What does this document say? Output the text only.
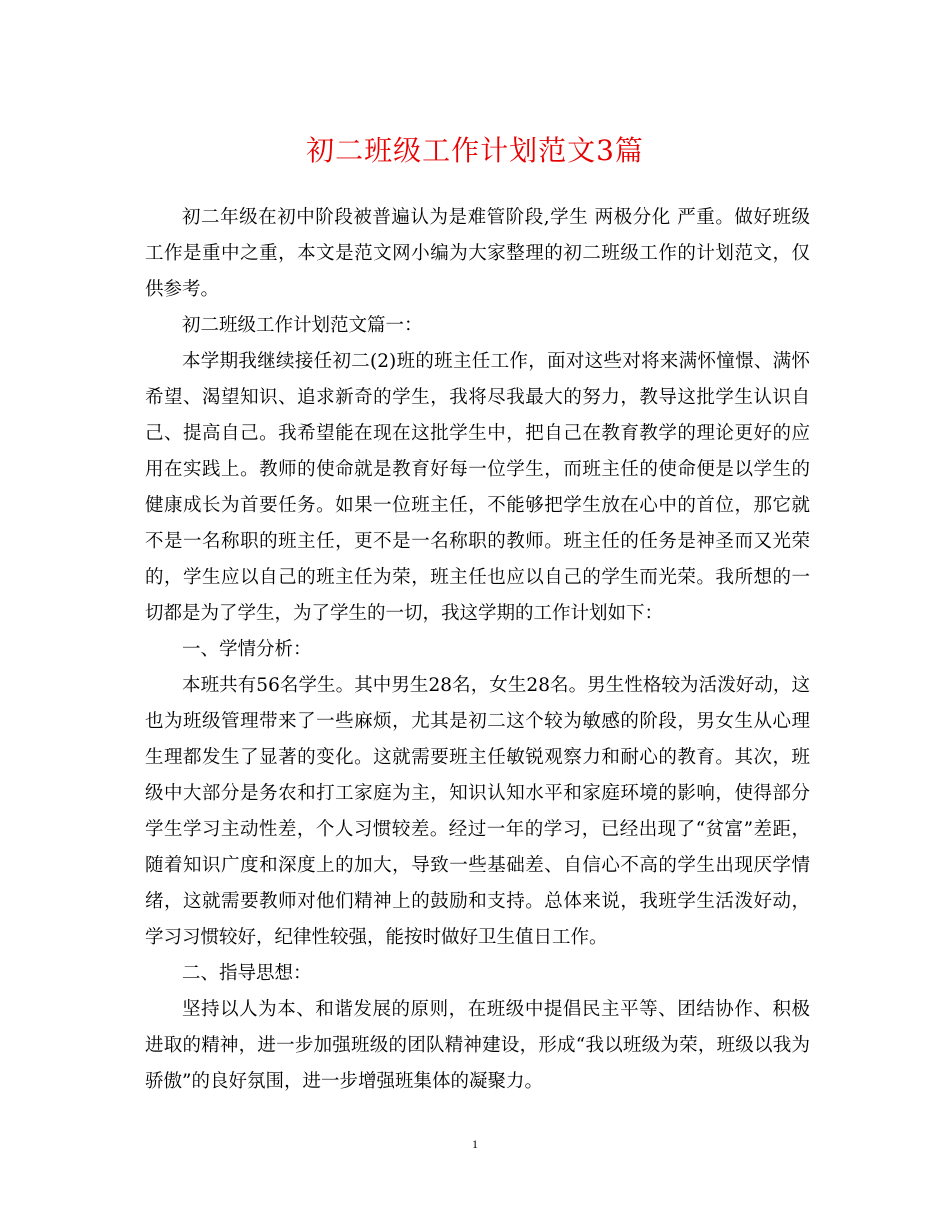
初二班级工作计划范文3篇

初二年级在初中阶段被普遍认为是难管阶段,学生 两极分化 严重。做好班级工作是重中之重，本文是范文网小编为大家整理的初二班级工作的计划范文，仅供参考。

初二班级工作计划范文篇一：

本学期我继续接任初二(2)班的班主任工作，面对这些对将来满怀憧憬、满怀希望、渴望知识、追求新奇的学生，我将尽我最大的努力，教导这批学生认识自己、提高自己。我希望能在现在这批学生中，把自己在教育教学的理论更好的应用在实践上。教师的使命就是教育好每一位学生，而班主任的使命便是以学生的健康成长为首要任务。如果一位班主任，不能够把学生放在心中的首位，那它就不是一名称职的班主任，更不是一名称职的教师。班主任的任务是神圣而又光荣的，学生应以自己的班主任为荣，班主任也应以自己的学生而光荣。我所想的一切都是为了学生，为了学生的一切，我这学期的工作计划如下：

一、学情分析：

本班共有56名学生。其中男生28名，女生28名。男生性格较为活泼好动，这也为班级管理带来了一些麻烦，尤其是初二这个较为敏感的阶段，男女生从心理生理都发生了显著的变化。这就需要班主任敏锐观察力和耐心的教育。其次，班级中大部分是务农和打工家庭为主，知识认知水平和家庭环境的影响，使得部分学生学习主动性差，个人习惯较差。经过一年的学习，已经出现了“贫富”差距，随着知识广度和深度上的加大，导致一些基础差、自信心不高的学生出现厌学情绪，这就需要教师对他们精神上的鼓励和支持。总体来说，我班学生活泼好动，学习习惯较好，纪律性较强，能按时做好卫生值日工作。

二、指导思想：

坚持以人为本、和谐发展的原则，在班级中提倡民主平等、团结协作、积极进取的精神，进一步加强班级的团队精神建设，形成“我以班级为荣，班级以我为骄傲”的良好氛围，进一步增强班集体的凝聚力。

1
